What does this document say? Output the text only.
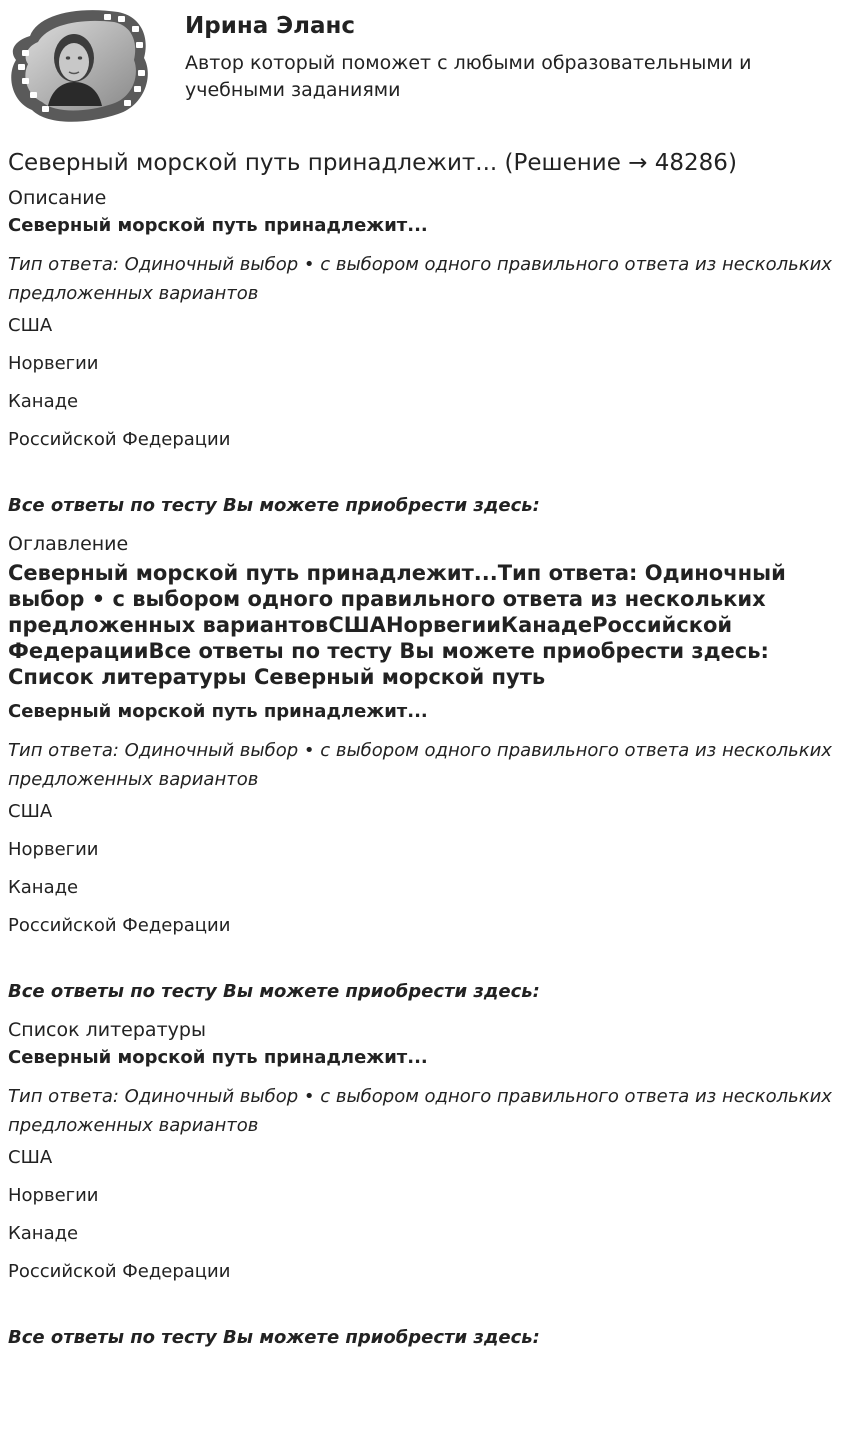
Ирина Эланс

Автор который поможет с любыми образовательными и учебными заданиями

Северный морской путь принадлежит... (Решение → 48286)
Описание
Северный морской путь принадлежит...
Тип ответа: Одиночный выбор • с выбором одного правильного ответа из нескольких предложенных вариантов
США
Норвегии
Канаде
Российской Федерации
Все ответы по тесту Вы можете приобрести здесь:
Оглавление
Северный морской путь принадлежит...Тип ответа: Одиночный выбор • с выбором одного правильного ответа из нескольких предложенных вариантовСШАНорвегииКанадеРоссийской ФедерацииВсе ответы по тесту Вы можете приобрести здесь: Список литературы Северный морской путь
Северный морской путь принадлежит...
Тип ответа: Одиночный выбор • с выбором одного правильного ответа из нескольких предложенных вариантов
США
Норвегии
Канаде
Российской Федерации
Все ответы по тесту Вы можете приобрести здесь:
Список литературы
Северный морской путь принадлежит...
Тип ответа: Одиночный выбор • с выбором одного правильного ответа из нескольких предложенных вариантов
США
Норвегии
Канаде
Российской Федерации
Все ответы по тесту Вы можете приобрести здесь:
